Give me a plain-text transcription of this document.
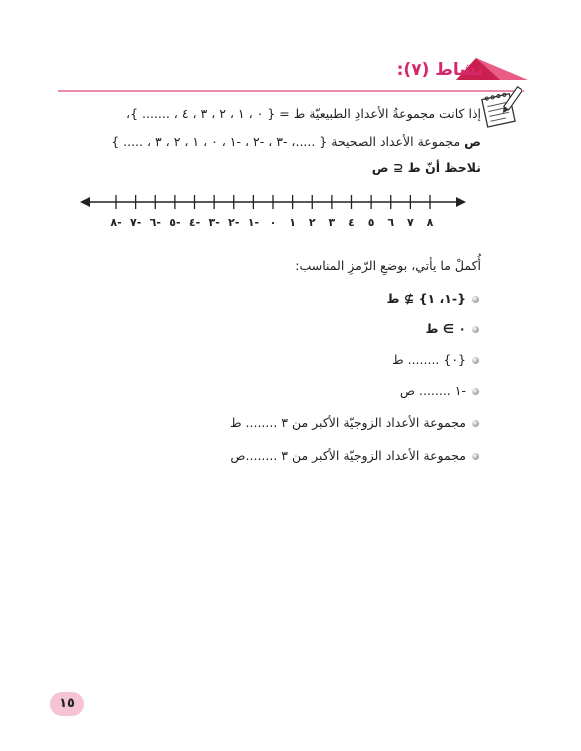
نشاط (٧):
إذا كانت مجموعةُ الأعدادِ الطبيعيّة ط = { ٠ ، ١ ، ٢ ، ٣ ، ٤ ، ....... }،
ص مجموعة الأعداد الصحيحة { .....، -٣ ، -٢ ، -١ ، ٠ ، ١ ، ٢ ، ٣ ، ..... }
نلاحظ أنّ ط ⊆ ص
٨- ٧- ٦- ٥- ٤- ٣- ٢- ١- ٠ ١ ٢ ٣ ٤ ٥ ٦ ٧ ٨
أُكملْ ما يأتي، بوضعِ الرّمزِ المناسب:
{-١، ١} ⊉ ط
٠ ∋ ط
{٠} ........ ط
-١ ........ ص
مجموعة الأعداد الزوجيّة الأكبر من ٣ ........ ط
مجموعة الأعداد الزوجيّة الأكبر من ٣ ........ص
١٥
